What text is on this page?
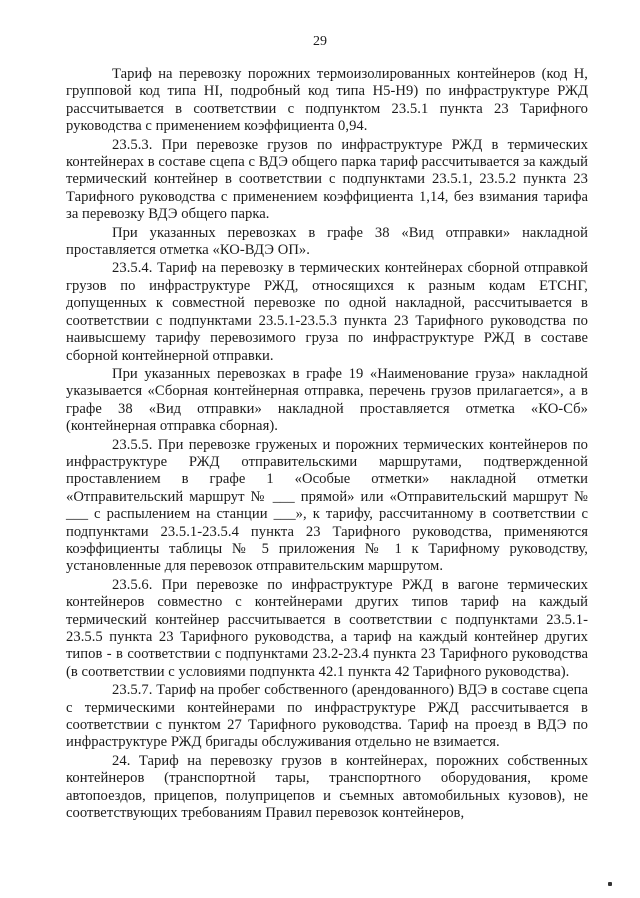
29

Тариф на перевозку порожних термоизолированных контейнеров (код Н, групповой код типа НI, подробный код типа Н5-Н9) по инфраструктуре РЖД рассчитывается в соответствии с подпунктом 23.5.1 пункта 23 Тарифного руководства с применением коэффициента 0,94.

23.5.3. При перевозке грузов по инфраструктуре РЖД в термических контейнерах в составе сцепа с ВДЭ общего парка тариф рассчитывается за каждый термический контейнер в соответствии с подпунктами 23.5.1, 23.5.2 пункта 23 Тарифного руководства с применением коэффициента 1,14, без взимания тарифа за перевозку ВДЭ общего парка.

При указанных перевозках в графе 38 «Вид отправки» накладной проставляется отметка «КО-ВДЭ ОП».

23.5.4. Тариф на перевозку в термических контейнерах сборной отправкой грузов по инфраструктуре РЖД, относящихся к разным кодам ЕТСНГ, допущенных к совместной перевозке по одной накладной, рассчитывается в соответствии с подпунктами 23.5.1-23.5.3 пункта 23 Тарифного руководства по наивысшему тарифу перевозимого груза по инфраструктуре РЖД в составе сборной контейнерной отправки.

При указанных перевозках в графе 19 «Наименование груза» накладной указывается «Сборная контейнерная отправка, перечень грузов прилагается», а в графе 38 «Вид отправки» накладной проставляется отметка «КО-Сб» (контейнерная отправка сборная).

23.5.5. При перевозке груженых и порожних термических контейнеров по инфраструктуре РЖД отправительскими маршрутами, подтвержденной проставлением в графе 1 «Особые отметки» накладной отметки «Отправительский маршрут № ___ прямой» или «Отправительский маршрут № ___ с распылением на станции ___», к тарифу, рассчитанному в соответствии с подпунктами 23.5.1-23.5.4 пункта 23 Тарифного руководства, применяются коэффициенты таблицы № 5 приложения № 1 к Тарифному руководству, установленные для перевозок отправительским маршрутом.

23.5.6. При перевозке по инфраструктуре РЖД в вагоне термических контейнеров совместно с контейнерами других типов тариф на каждый термический контейнер рассчитывается в соответствии с подпунктами 23.5.1-23.5.5 пункта 23 Тарифного руководства, а тариф на каждый контейнер других типов - в соответствии с подпунктами 23.2-23.4 пункта 23 Тарифного руководства (в соответствии с условиями подпункта 42.1 пункта 42 Тарифного руководства).

23.5.7. Тариф на пробег собственного (арендованного) ВДЭ в составе сцепа с термическими контейнерами по инфраструктуре РЖД рассчитывается в соответствии с пунктом 27 Тарифного руководства. Тариф на проезд в ВДЭ по инфраструктуре РЖД бригады обслуживания отдельно не взимается.

24. Тариф на перевозку грузов в контейнерах, порожних собственных контейнеров (транспортной тары, транспортного оборудования, кроме автопоездов, прицепов, полуприцепов и съемных автомобильных кузовов), не соответствующих требованиям Правил перевозок контейнеров,
